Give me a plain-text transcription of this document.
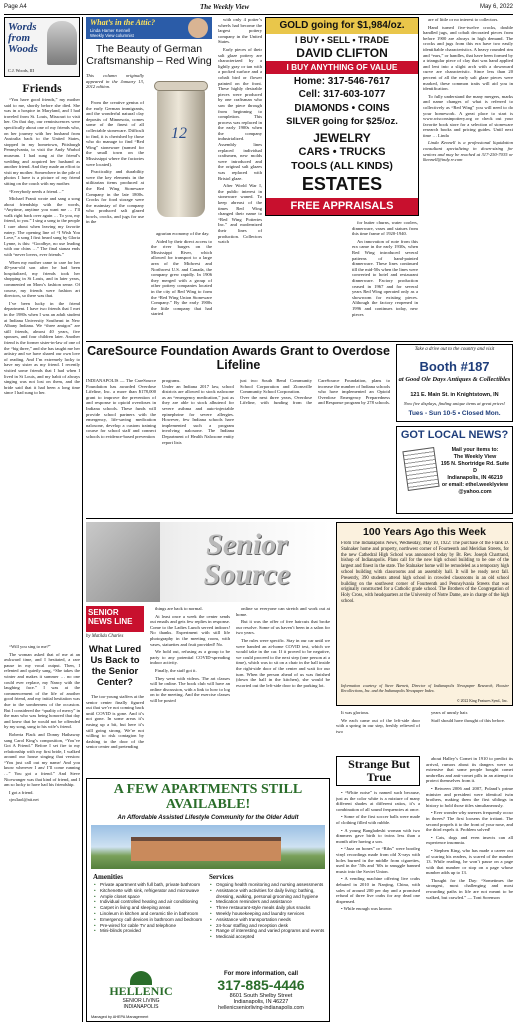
Page A4	The Weekly View	May 6, 2022
Words from Woods
C.J. Woods, III
Friends

“You have good friends,” my mother said to me, shortly before she died. She was in a hospice in Maryland, and I had traveled from St. Louis, Missouri to visit her. On that day, our reminiscences were specifically about one of my friends who, on her journey with her husband from Australia back to the United States, stopped in my hometown, Pittsburgh Pennsylvania, to visit the Andy Warhol museum. I had sung at the friend’s wedding and acquired her husband as another friend. And they made an effort to visit my mother. Somewhere in the pile of photos I have is a picture of my friend sitting on the couch with my mother.

“Everybody needs a friend…”

Michael Franti wrote and sang a song about friendship with the words, “Anytime, anytime you want me … I’ll walk right back over again … To you, my friend, to you.” I sing a song to the people I care about when leaving my favorite eatery. The opening line of “I Wish You Love,” a song I first heard sung by Gloria Lynne, is this: “Goodbye, no use leading with our chins …” The final stanza ends with “never lovers, ever friends.”

When my mother came to care for her 40-year-old son after he had been hospitalized, my friends took her shopping in St Louis, and in later years, commented on Mom’s fashion sense. Of course, my friends were fashion art directors, so there was that.

I’ve been lucky in the friend department. I have two friends that I met in the 1980s when I was an adult student at Indiana University Southeast in New Albany Indiana. We “three amigos” are still friends, almost 40 years, five spouses, and four children later. Another friend is the former sister-in-law of one of the “big three,” and she has taught me her artistry and we have shared our own love of reading. And I’m extremely lucky to have my sister as my friend. I recently visited some friends that I had when I lived in St Louis, and my habit of always singing was not lost on them, and the bride said that it had been a long time since I had sung to her.

“Will you sing to me?”

The woman asked that of me at an awkward time, and I hesitated, a rare pause in my vocal output. Then, I relented and quietly sang, “She takes the winter and makes it summer … no one could ever replace, my Nancy with the laughing face.” I was at the commencement of the life of another good friend, and my initial hesitation was due to the somberness of the occasion. But I considered the “quality of mercy” in the man who was being honored that day and knew that he would not be offended by my song, sung to his wife’s friend.

Roberta Flack and Donny Hathaway sang Carol King’s composition, “You’ve Got A Friend.” Before I set fire to my relationship with my first bride, I walked around our house singing that version: “You just call out my name/ And you know wherever I am/ I’ll come running …” You got a friend.” And Steve Nicewanger was that kind of friend, and I am so lucky to have had his friendship.

I got a friend.

cjm3aol@att.net

What’s in the Attic?
Linda Hamer Kennell
Weekly View columnist
The Beauty of German Craftsmanship – Red Wing
This column originally appeared in the January 13, 2012 edition.

From the creative genius of the early German immigrants, and the wonderful natural clay deposits of Minnesota, comes some of the finest of all collectable stoneware. Difficult to find, it is cherished by those who do manage to find “Red Wing” stoneware (named for the small town on the Mississippi where the factories were located).

Practicality and durability were the key elements in the utilitarian items produced at the Red Wing Stoneware Company in the late 1800s. Crocks for food storage were the mainstay of the company who produced salt glazed bowls, crocks, and jugs for use in the

agrarian economy of the day.

Aided by their direct access to the river barges on the Mississippi River, which allowed for transport to a large area of the Midwest and Northwest U.S. and Canada, the company grew rapidly. In 1906 they merged with a group of other pottery companies located in the city of Red Wing to form the “Red Wing Union Stoneware Company.” By the early 1900s the little company that had started

12

with only 4 potter’s wheels had become the largest pottery company in the United States.

Early pieces of their salt glaze pottery are characterized by a lightly gray or tan with a pocked surface and a cobalt bird or flower painted on the front. These highly desirable pieces were produced by one craftsman who saw the piece through from beginning to completion. This process was replaced in the early 1900s when the company industrialized. Assembly lines replaced individual craftsmen, new molds were introduced and the original salt glazes was replaced with Bristol glaze.

After World War I, the public interest in stoneware waned. To keep abreast of the times Red Wing changed their name to “Red Wing Potteries Inc.” and modernized their lines of production. Collectors watch

GOLD going for $1,984/oz.
I BUY • SELL • TRADE
DAVID CLIFTON
I BUY ANYTHING OF VALUE
Home: 317-546-7617
Cell: 317-603-1077
DIAMONDS • COINS
SILVER going for $25/oz.
JEWELRY
CARS • TRUCKS
TOOLS (ALL KINDS)
ESTATES
FREE APPRAISALS

for butter churns, water coolers, dinnerware, vases and statues from this time frame of 1920-1940.

An innovation of note from this era came in the early 1930s, when Red Wing introduced several patterns of hand-painted dinnerware. These lines continued till the mid-50s when the lines were converted to hotel and restaurant dinnerware. Factory production ceased in 1967 and for several years Red Wing operated only as a showroom for existing pieces. Although the factory reopened in 1996 and continues today, new pieces

are of little or no interest to collectors.

Hand turned five-twelve crocks, double handled jugs, and cobalt decorated pieces from before 1900 are always in high demand. The crocks and jugs from this era have two easily identifiable characteristics. A heavy rounded rim and “ears,” or handles, that have been formed by a triangular piece of clay that was hand applied and lent into a slight arch with a downward curve are characteristic. Since less than 20 percent of all the early salt glaze pieces were marked, these common traits will aid you in identification.

To fully understand the many mergers, marks and name changes of what is referred to collectively as “Red Wing” you will need to do your homework. A great place to start is www.wisconsinpottery.org or check out your favorite book store for a selection of stoneware research books and pricing guides. Until next time … Linda

Linda Kennell is a professional liquidation consultant specializing in down-sizing for seniors and may be reached at 317-250-7035 or lkennell@indy.rr.com

CareSource Foundation Awards Grant to Overdose Lifeline
INDIANAPOLIS — The CareSource Foundation has awarded Overdose Lifeline, Inc. a more than $178,000 grant to improve the prevention of and response to opioid overdoses in Indiana schools. These funds will provide school partners with the emergency, life-saving medication naloxone, develop a custom training course for school staff and connect schools to evidence-based prevention
programs.
Under an Indiana 2017 law, school districts are allowed to stock naloxone as an “emergency medication,” just as they are able to stock albuterol for severe asthma and auto-injectable epinephrine for severe allergies. However, few Indiana schools have implemented such a program involving naloxone. The Indiana Department of Health Naloxone entity report lists
just two South Bend Community School Corporation and Zionsville Community School Corporation.
Over the next three years, Overdose Lifeline, with funding from the CareSource Foundation, plans to increase the number of Indiana schools who have implemented an Opioid Overdose Emergency Preparedness and Response program by 278 schools.
Take a drive out to the country and visit
Booth #187
at Good Ole Days Antiques & Collectibles
121 E. Main St. in Knightstown, IN
Now five displays, finding unique items at great prices!
Tues - Sun 10-5 • Closed Mon.
GOT LOCAL NEWS?
Mail your items to:
The Weekly View
195 N. Shortridge Rd. Suite D
Indianapolis, IN 46219
or email: ethel.weeklyview
@yahoo.com
Senior Source
SENIOR NEWS LINE
by Matilda Charles
What Lured Us Back to the Senior Center?

The too-young staffers at the senior center finally figured out that we’re not coming back until COVID is gone. And it’s not gone. In some areas it’s easing up a bit, but here it’s still going strong. We’re not willing to risk contagion by dashing to the door of the senior center and pretending

things are back to normal.

At least once a week the center sends out emails and gets few replies in response. Come to the Ladies Lunch served indoors! No thanks. Experiment with still life photography in the meeting room, with vases, statuettes and fruit provided! No.

We hold out, refusing as a group to be party to any potential COVID-spreading indoor activity.

Finally, the staff got it.

They went with videos. The art classes will be online. The book club will have an online discussion, with a link to how to log on to the meeting. And the exercise classes will be posted

online so everyone can stretch and work out at home.

But it was the offer of free haircuts that broke our resolve. Some of us haven’t been in a salon for two years.

The rules were specific. Stay in our car until we were handed an at-home COVID test, which we would take in the car. If it proved to be negative, we could proceed to the next step (one person at a time), which was to sit on a chair in the hall inside the right-side door of the center and wait for our turn. When the person ahead of us was finished (down the hall in the kitchen), she would be escorted out the left-side door to the parking lot.

100 Years Ago this Week
From The Indianapolis News, Wednesday, May 10, 1922: The purchase of the Frank D. Stalnaker home and property, northwest corner of Fourteenth and Meridian Streets, for the new Cathedral High School was announced today by Bt. Rev. Joseph Chartrand, bishop of Indianapolis. Plans call for the new high school building to be one of the largest and finest in the state. The Stalnaker home will be remodeled as a temporary high school building with classrooms and an assembly hall. It will be ready next fall. Presently, 390 students attend high school in crowded classrooms in an old school building on the southwest corner of Fourteenth and Pennsylvania Streets that was originally constructed for a Catholic grade school. The Brothers of the Congregation of Holy Cross, with headquarters at the University of Notre Dame, are in charge of the high school.
Information courtesy of Steve Barnett, Director of Indianapolis Newspaper Research, Hoosier Recollections, Inc. and the Indianapolis Newspaper Index.
© 2022 King Features Synd., Inc.

It was glorious.

We each came out of the left-side door with a spring in our step, freshly relieved of two

years of unruly hair.

Staff should have thought of this before.

Strange But True

• “White noise” is named such because, just as the color white is a mixture of many different shades at different ratios, it’s a combination of all sound frequencies at once.

• Some of the first soccer balls were made of clothing filled with rubble.

• A young Bangladeshi woman with two dimmers gave birth to twins less than a month after having a son.

• “Jazz on bones” or “Ribs” were bootleg vinyl recordings made from old X-rays with holes burned in the middle from cigarettes, used in the ’50s and ’60s to smuggle banned music into the Soviet Union.

• A vending machine offering live crabs debuted in 2010 in Nanjing, China, with sales of around 200 per day and a promised refund of three live crabs for any dead one dispensed.

• While enough was known

about Halley’s Comet in 1910 to predict its arrival, rumors about its dangers were so extensive that some people bought comet umbrellas and anti-comet pills in an attempt to protect themselves from it.

• Between 2006 and 2007, Poland’s prime minister and president were identical twin brothers, making them the first siblings in history to hold those titles simultaneously.

• Ever wonder why sneezes frequently occur in threes? The first loosens the irritant. The second propels it to the front of your nose, and the third expels it. Problem solved!

• Cats, dogs and even insects can all experience insomnia.

• Stephen King, who has made a career out of scaring his readers, is scared of the number 13. While reading, he won’t pause on a page with that number or stop on a page whose number adds up to 13.

Thought for the Day: “Sometimes the strongest, most challenging and most rewarding paths in life are not meant to be walked, but crawled.” — Toni Sorenson

A FEW APARTMENTS STILL AVAILABLE!
An Affordable Assisted Lifestyle Community for the Older Adult
Amenities
• Private apartment with full bath, private bathroom
• Kitchenette with sink, refrigerator and microwave
• Ample closet space
• Individual controlled heating and air conditioning
• Carpet in living and sleeping areas
• Linoleum in kitchen and ceramic tile in bathroom
• Emergency call devices in bathroom and bedroom
• Pre-wired for cable TV and telephone
• Mini-blinds provided
Services
• Ongoing health monitoring and nursing assessments
• Assistance with activities for daily living: bathing, dressing, walking, personal grooming and hygiene
• Medication reminders and assistance
• Three restaurant-style meals daily plus snacks
• Weekly housekeeping and laundry services
• Assistance with transportation needs
• 24-hour staffing and reception desk
• Range of interesting and varied programs and events
• Medicaid accepted
HELLENIC
SENIOR LIVING
INDIANAPOLIS
For more information, call
317-885-4446
8601 South Shelby Street
Indianapolis, IN 46227
hellenicseniorliving-indianapolis.com
Managed by AHEPA Management
